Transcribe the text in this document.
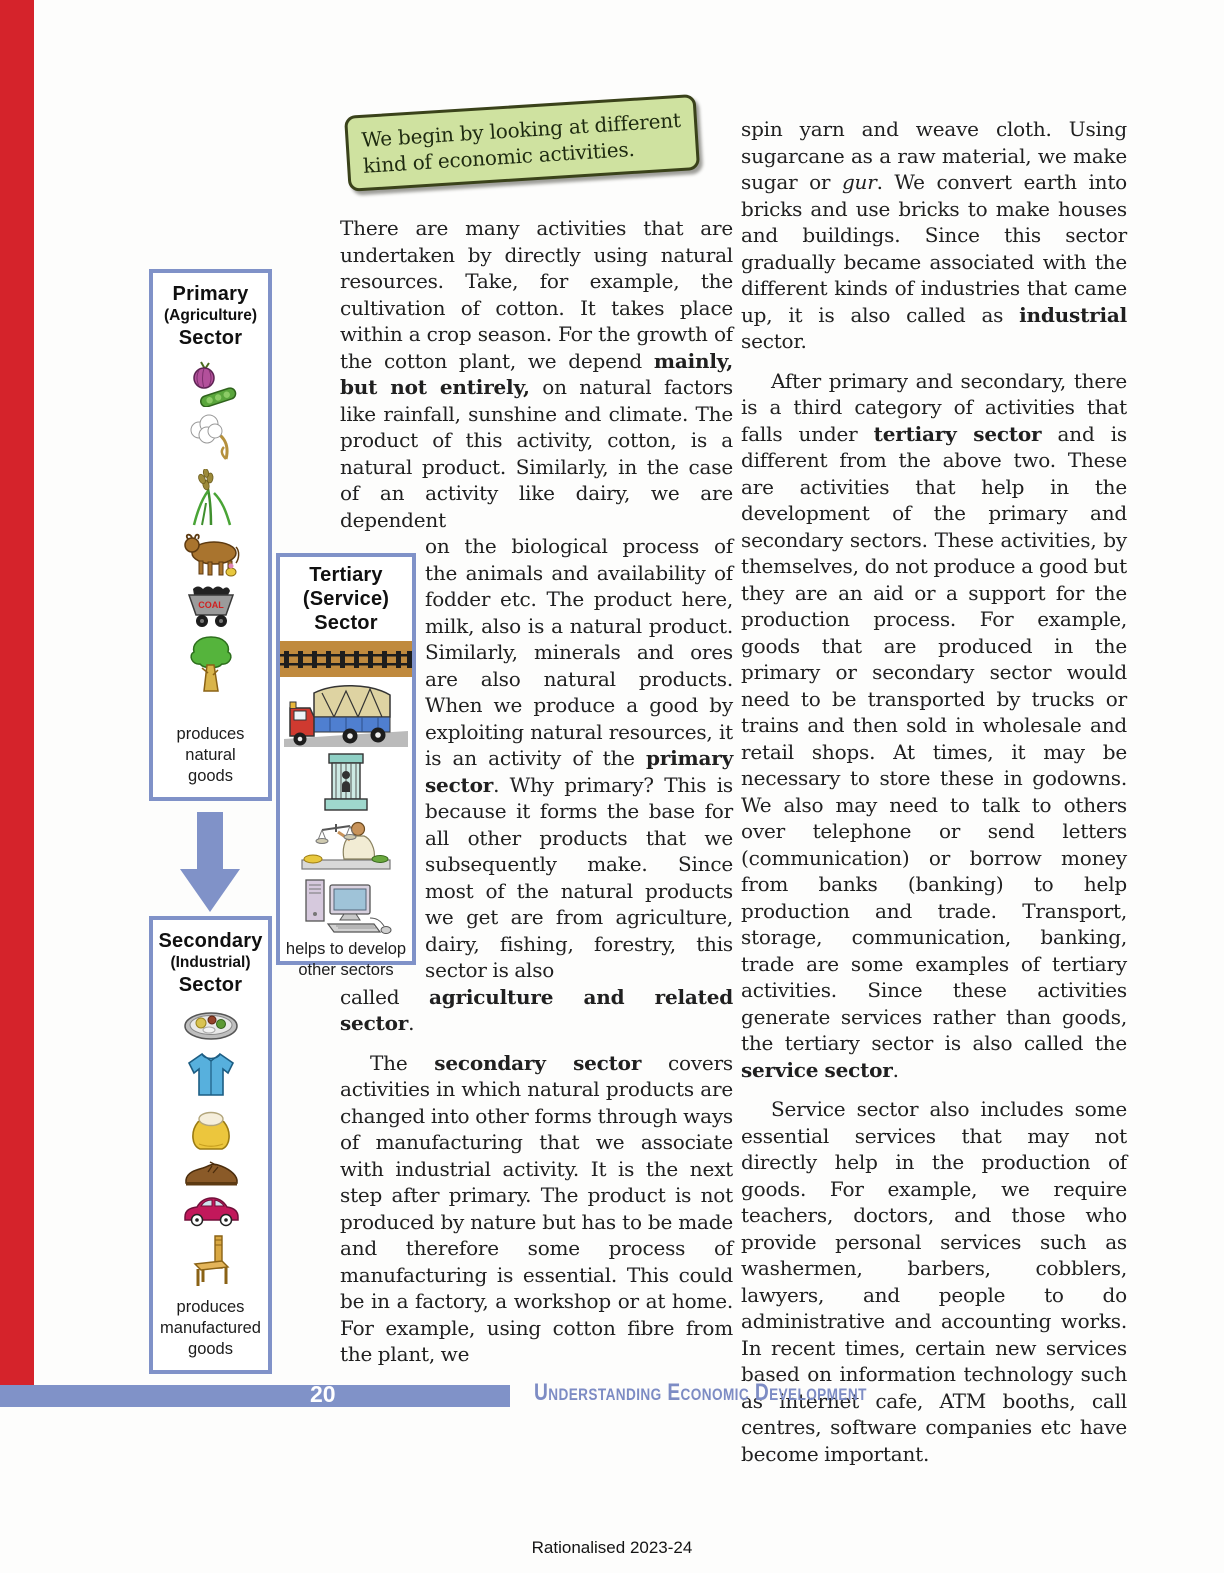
We begin by looking at different kind of economic activities.
Primary
(Agriculture)
Sector
COAL
produces natural goods
Secondary
(Industrial)
Sector
produces manufactured goods
Tertiary
(Service)
Sector
helps to develop other sectors

There are many activities that are undertaken by directly using natural resources. Take, for example, the cultivation of cotton. It takes place within a crop season. For the growth of the cotton plant, we depend mainly, but not entirely, on natural factors like rainfall, sunshine and climate. The product of this activity, cotton, is a natural product. Similarly, in the case of an activity like dairy, we are dependent

on the biological process of the animals and availability of fodder etc. The product here, milk, also is a natural product. Similarly, minerals and ores are also natural products. When we produce a good by exploiting natural resources, it is an activity of the primary sector. Why primary? This is because it forms the base for all other products that we subsequently make. Since most of the natural products we get are from agriculture, dairy, fishing, forestry, this sector is also

called agriculture and related sector.

The secondary sector covers activities in which natural products are changed into other forms through ways of manufacturing that we associate with industrial activity. It is the next step after primary. The product is not produced by nature but has to be made and therefore some process of manufacturing is essential. This could be in a factory, a workshop or at home. For example, using cotton fibre from the plant, we

spin yarn and weave cloth. Using sugarcane as a raw material, we make sugar or gur. We convert earth into bricks and use bricks to make houses and buildings. Since this sector gradually became associated with the different kinds of industries that came up, it is also called as industrial sector.

After primary and secondary, there is a third category of activities that falls under tertiary sector and is different from the above two. These are activities that help in the development of the primary and secondary sectors. These activities, by themselves, do not produce a good but they are an aid or a support for the production process. For example, goods that are produced in the primary or secondary sector would need to be transported by trucks or trains and then sold in wholesale and retail shops. At times, it may be necessary to store these in godowns. We also may need to talk to others over telephone or send letters (communication) or borrow money from banks (banking) to help production and trade. Transport, storage, communication, banking, trade are some examples of tertiary activities. Since these activities generate services rather than goods, the tertiary sector is also called the service sector.

Service sector also includes some essential services that may not directly help in the production of goods. For example, we require teachers, doctors, and those who provide personal services such as washermen, barbers, cobblers, lawyers, and people to do administrative and accounting works. In recent times, certain new services based on information technology such as internet cafe, ATM booths, call centres, software companies etc have become important.

20	Understanding Economic Development
Rationalised 2023-24
